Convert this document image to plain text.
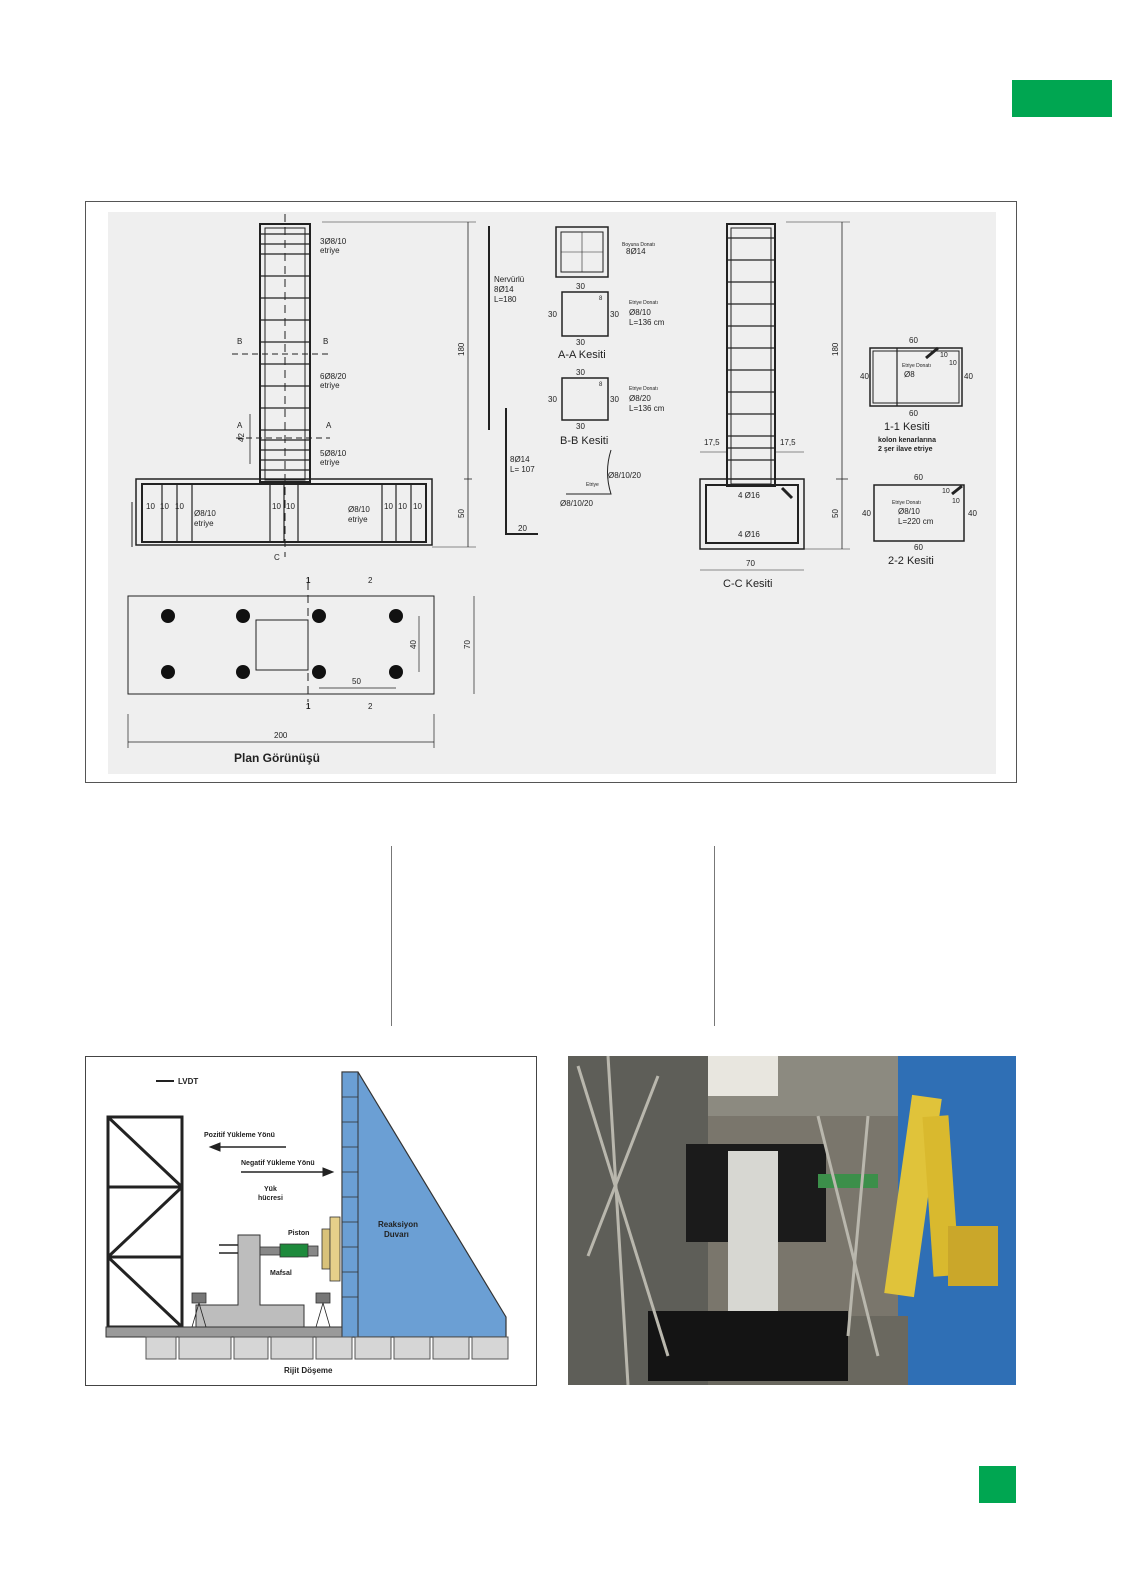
3Ø8/10
etriye
6Ø8/20
etriye
5Ø8/10
etriye
Ø8/10
etriye
Ø8/10
etriye
10 10 10	10 10	10 10 10
B	B
A	A
C
42
180
50
Nervürlü
8Ø14
L=180
8Ø14
L= 107
20
Boyuna Donatı
8Ø14
30
30	30
30
8
Etriye Donatı
Ø8/10
L=136 cm
A-A Kesiti
30
30	30
30
8
Etriye Donatı
Ø8/20
L=136 cm
B-B Kesiti
Ø8/10/20
Etriye
Ø8/10/20
4 Ø16
4 Ø16
17,5	17,5
70
C-C Kesiti
180
50
60
60
40	40
10
10
Etriye Donatı
Ø8
1-1 Kesiti
kolon kenarlarına
2 şer ilave etriye
60
60
40	40
10
10
Etriye Donatı
Ø8/10
L=220 cm
2-2 Kesiti
40
50
70
200
1
1
2
2
Plan Görünüşü
LVDT
Pozitif Yükleme Yönü
Negatif Yükleme Yönü
Yük
hücresi
Piston
Mafsal
Reaksiyon
Duvarı
Rijit Döşeme
